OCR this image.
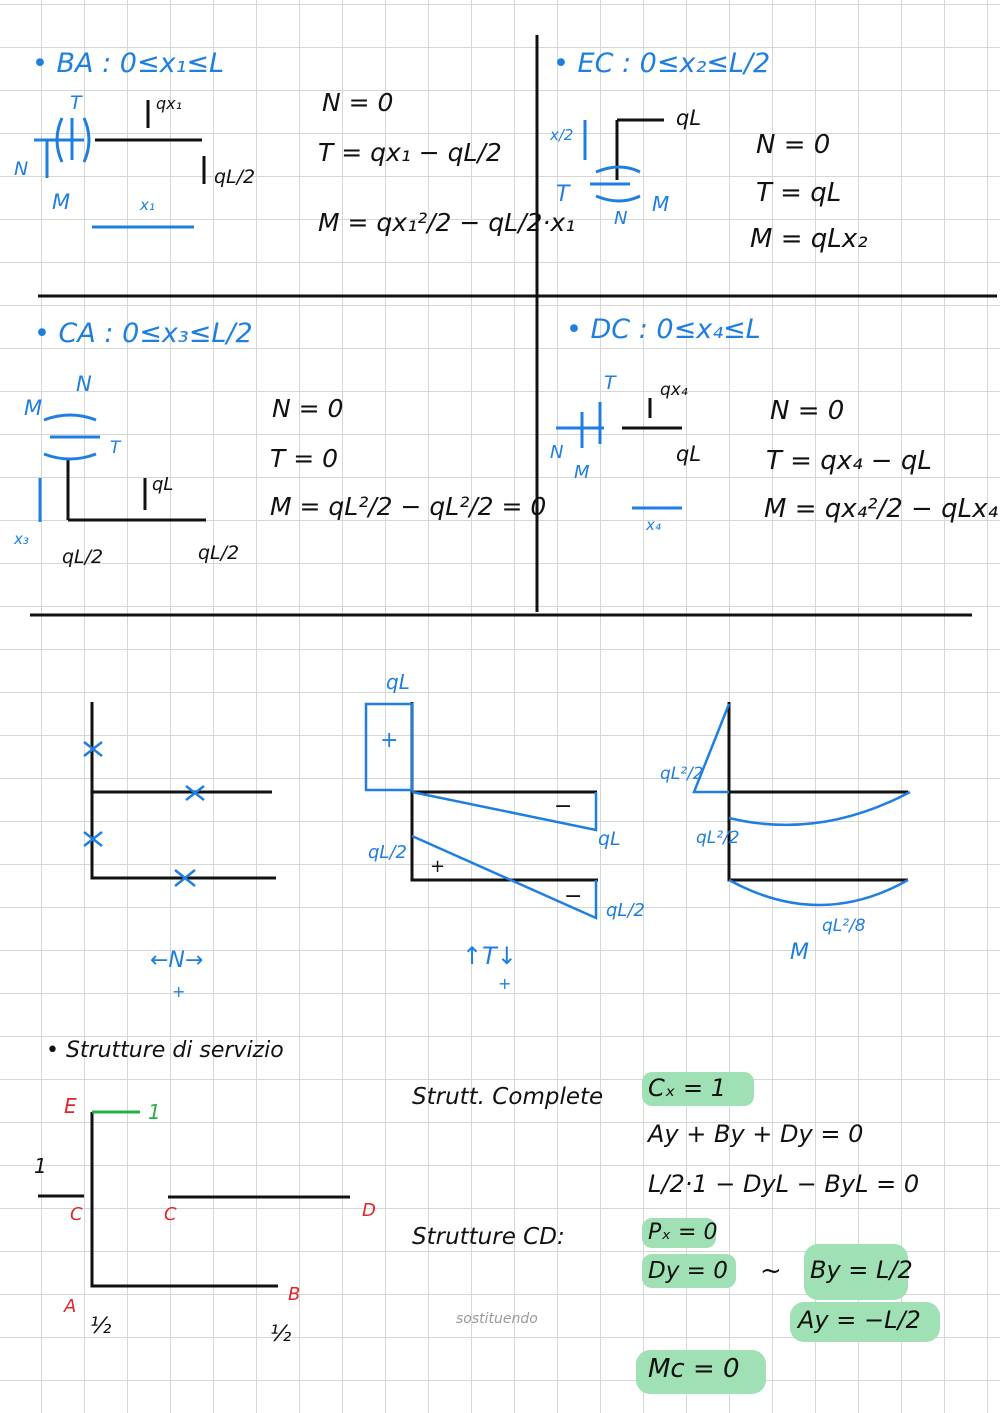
• BA : 0≤x₁≤L
qx₁
T
N
M
qL/2
x₁
N = 0
T = qx₁ − qL/2
M = qx₁²/2 − qL/2·x₁
• EC : 0≤x₂≤L/2
qL
x/2
T
N
M
N = 0
T = qL
M = qLx₂
• CA : 0≤x₃≤L/2
M
N
T
qL
x₃
qL/2	qL/2
N = 0
T = 0
M = qL²/2 − qL²/2 = 0
• DC : 0≤x₄≤L
T
N
M
qx₄
qL
x₄
N = 0
T = qx₄ − qL
M = qx₄²/2 − qLx₄
←N→
+
qL
+
−
qL
qL/2
+
−
qL/2
↑T↓
+
qL²/2
qL²/2
M
qL²/8
• Strutture di servizio
E	1
1
C	C	D
A
B
½	½
Strutt. Complete
Strutture CD:
Cₓ = 1
Ay + By + Dy = 0
L/2·1 − DyL − ByL = 0
Pₓ = 0
Dy = 0 ~ By = L/2
Ay = −L/2
sostituendo
Mc = 0
